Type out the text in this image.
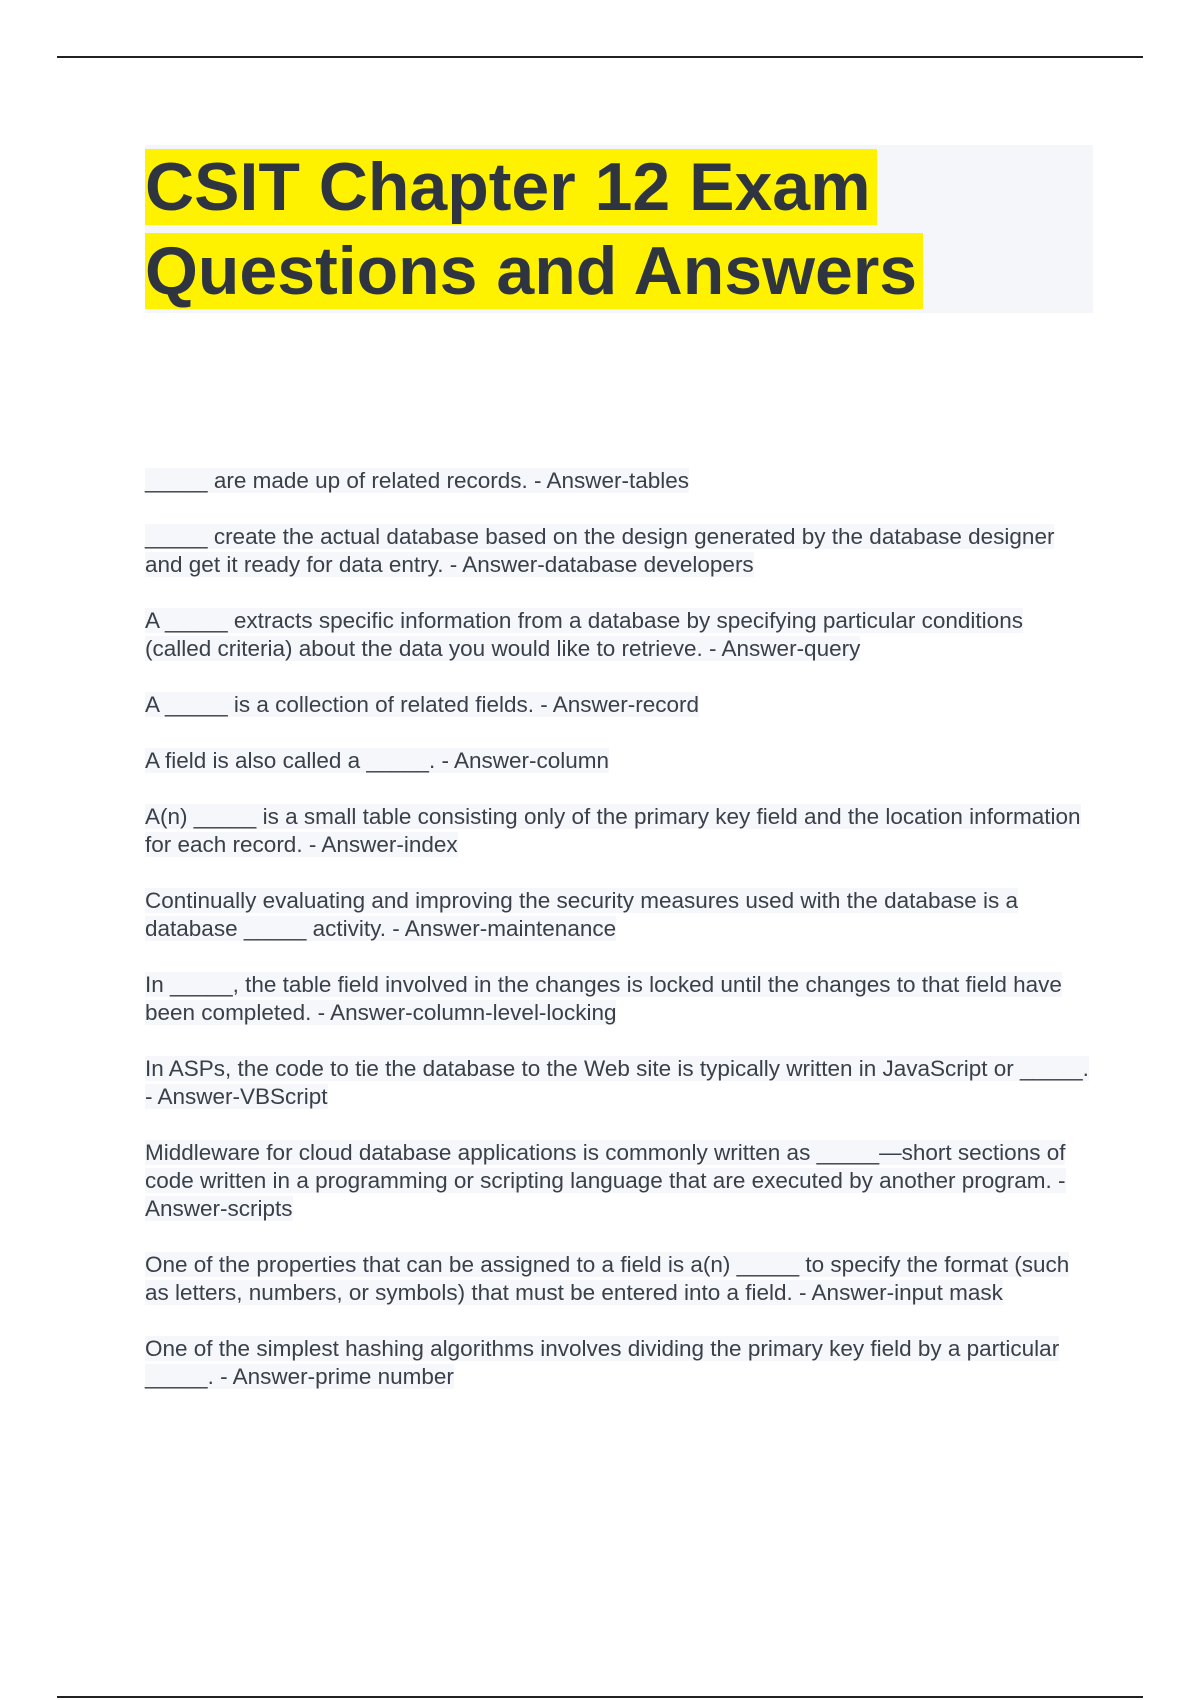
CSIT Chapter 12 Exam
Questions and Answers

_____ are made up of related records. - Answer-tables

_____ create the actual database based on the design generated by the database designer and get it ready for data entry. - Answer-database developers

A _____ extracts specific information from a database by specifying particular conditions (called criteria) about the data you would like to retrieve. - Answer-query

A _____ is a collection of related fields. - Answer-record

A field is also called a _____. - Answer-column

A(n) _____ is a small table consisting only of the primary key field and the location information for each record. - Answer-index

Continually evaluating and improving the security measures used with the database is a database _____ activity. - Answer-maintenance

In _____, the table field involved in the changes is locked until the changes to that field have been completed. - Answer-column-level-locking

In ASPs, the code to tie the database to the Web site is typically written in JavaScript or _____. - Answer-VBScript

Middleware for cloud database applications is commonly written as _____—short sections of code written in a programming or scripting language that are executed by another program. - Answer-scripts

One of the properties that can be assigned to a field is a(n) _____ to specify the format (such as letters, numbers, or symbols) that must be entered into a field. - Answer-input mask

One of the simplest hashing algorithms involves dividing the primary key field by a particular _____. - Answer-prime number
